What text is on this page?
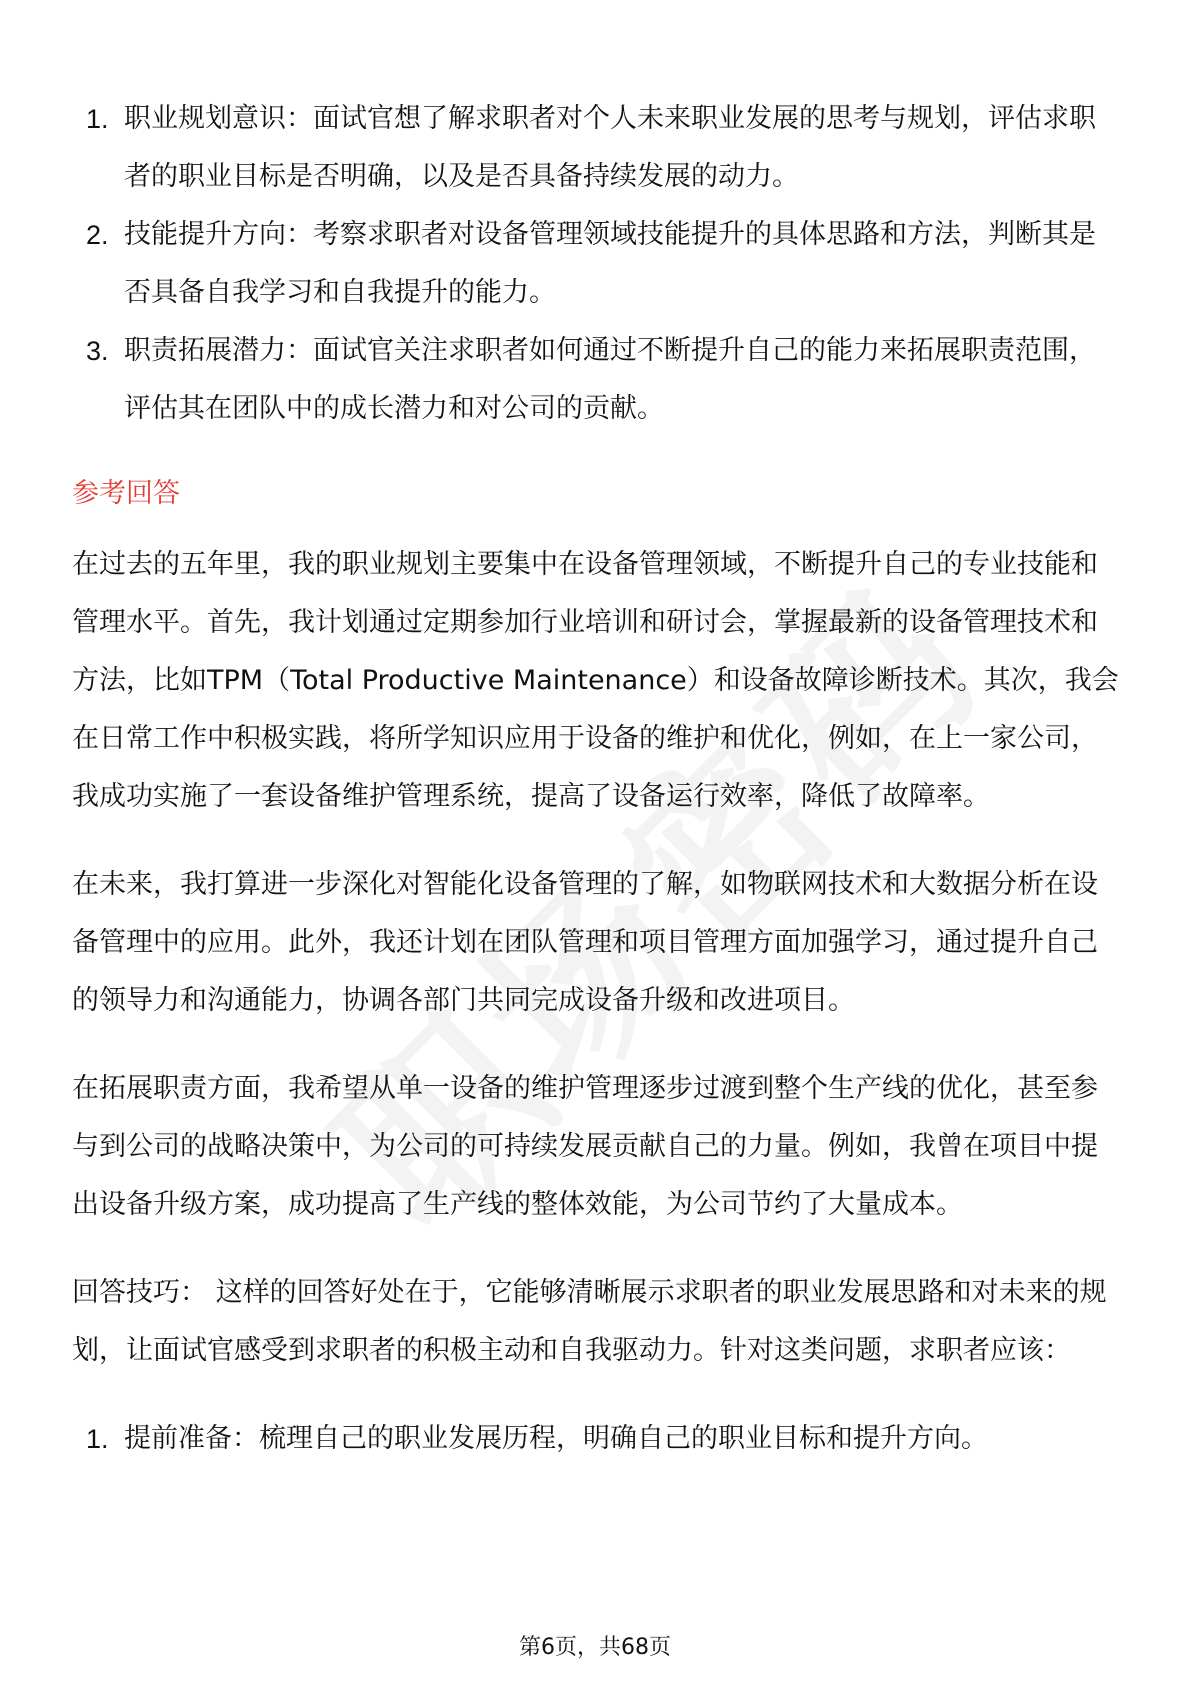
1. 职业规划意识：面试官想了解求职者对个人未来职业发展的思考与规划，评估求职者的职业目标是否明确，以及是否具备持续发展的动力。
2. 技能提升方向：考察求职者对设备管理领域技能提升的具体思路和方法，判断其是否具备自我学习和自我提升的能力。
3. 职责拓展潜力：面试官关注求职者如何通过不断提升自己的能力来拓展职责范围，评估其在团队中的成长潜力和对公司的贡献。
参考回答

在过去的五年里，我的职业规划主要集中在设备管理领域，不断提升自己的专业技能和管理水平。首先，我计划通过定期参加行业培训和研讨会，掌握最新的设备管理技术和方法，比如TPM（Total Productive Maintenance）和设备故障诊断技术。其次，我会在日常工作中积极实践，将所学知识应用于设备的维护和优化，例如，在上一家公司，我成功实施了一套设备维护管理系统，提高了设备运行效率，降低了故障率。

在未来，我打算进一步深化对智能化设备管理的了解，如物联网技术和大数据分析在设备管理中的应用。此外，我还计划在团队管理和项目管理方面加强学习，通过提升自己的领导力和沟通能力，协调各部门共同完成设备升级和改进项目。

在拓展职责方面，我希望从单一设备的维护管理逐步过渡到整个生产线的优化，甚至参与到公司的战略决策中，为公司的可持续发展贡献自己的力量。例如，我曾在项目中提出设备升级方案，成功提高了生产线的整体效能，为公司节约了大量成本。

回答技巧： 这样的回答好处在于，它能够清晰展示求职者的职业发展思路和对未来的规划，让面试官感受到求职者的积极主动和自我驱动力。针对这类问题，求职者应该：

1. 提前准备：梳理自己的职业发展历程，明确自己的职业目标和提升方向。
第6页，共68页
